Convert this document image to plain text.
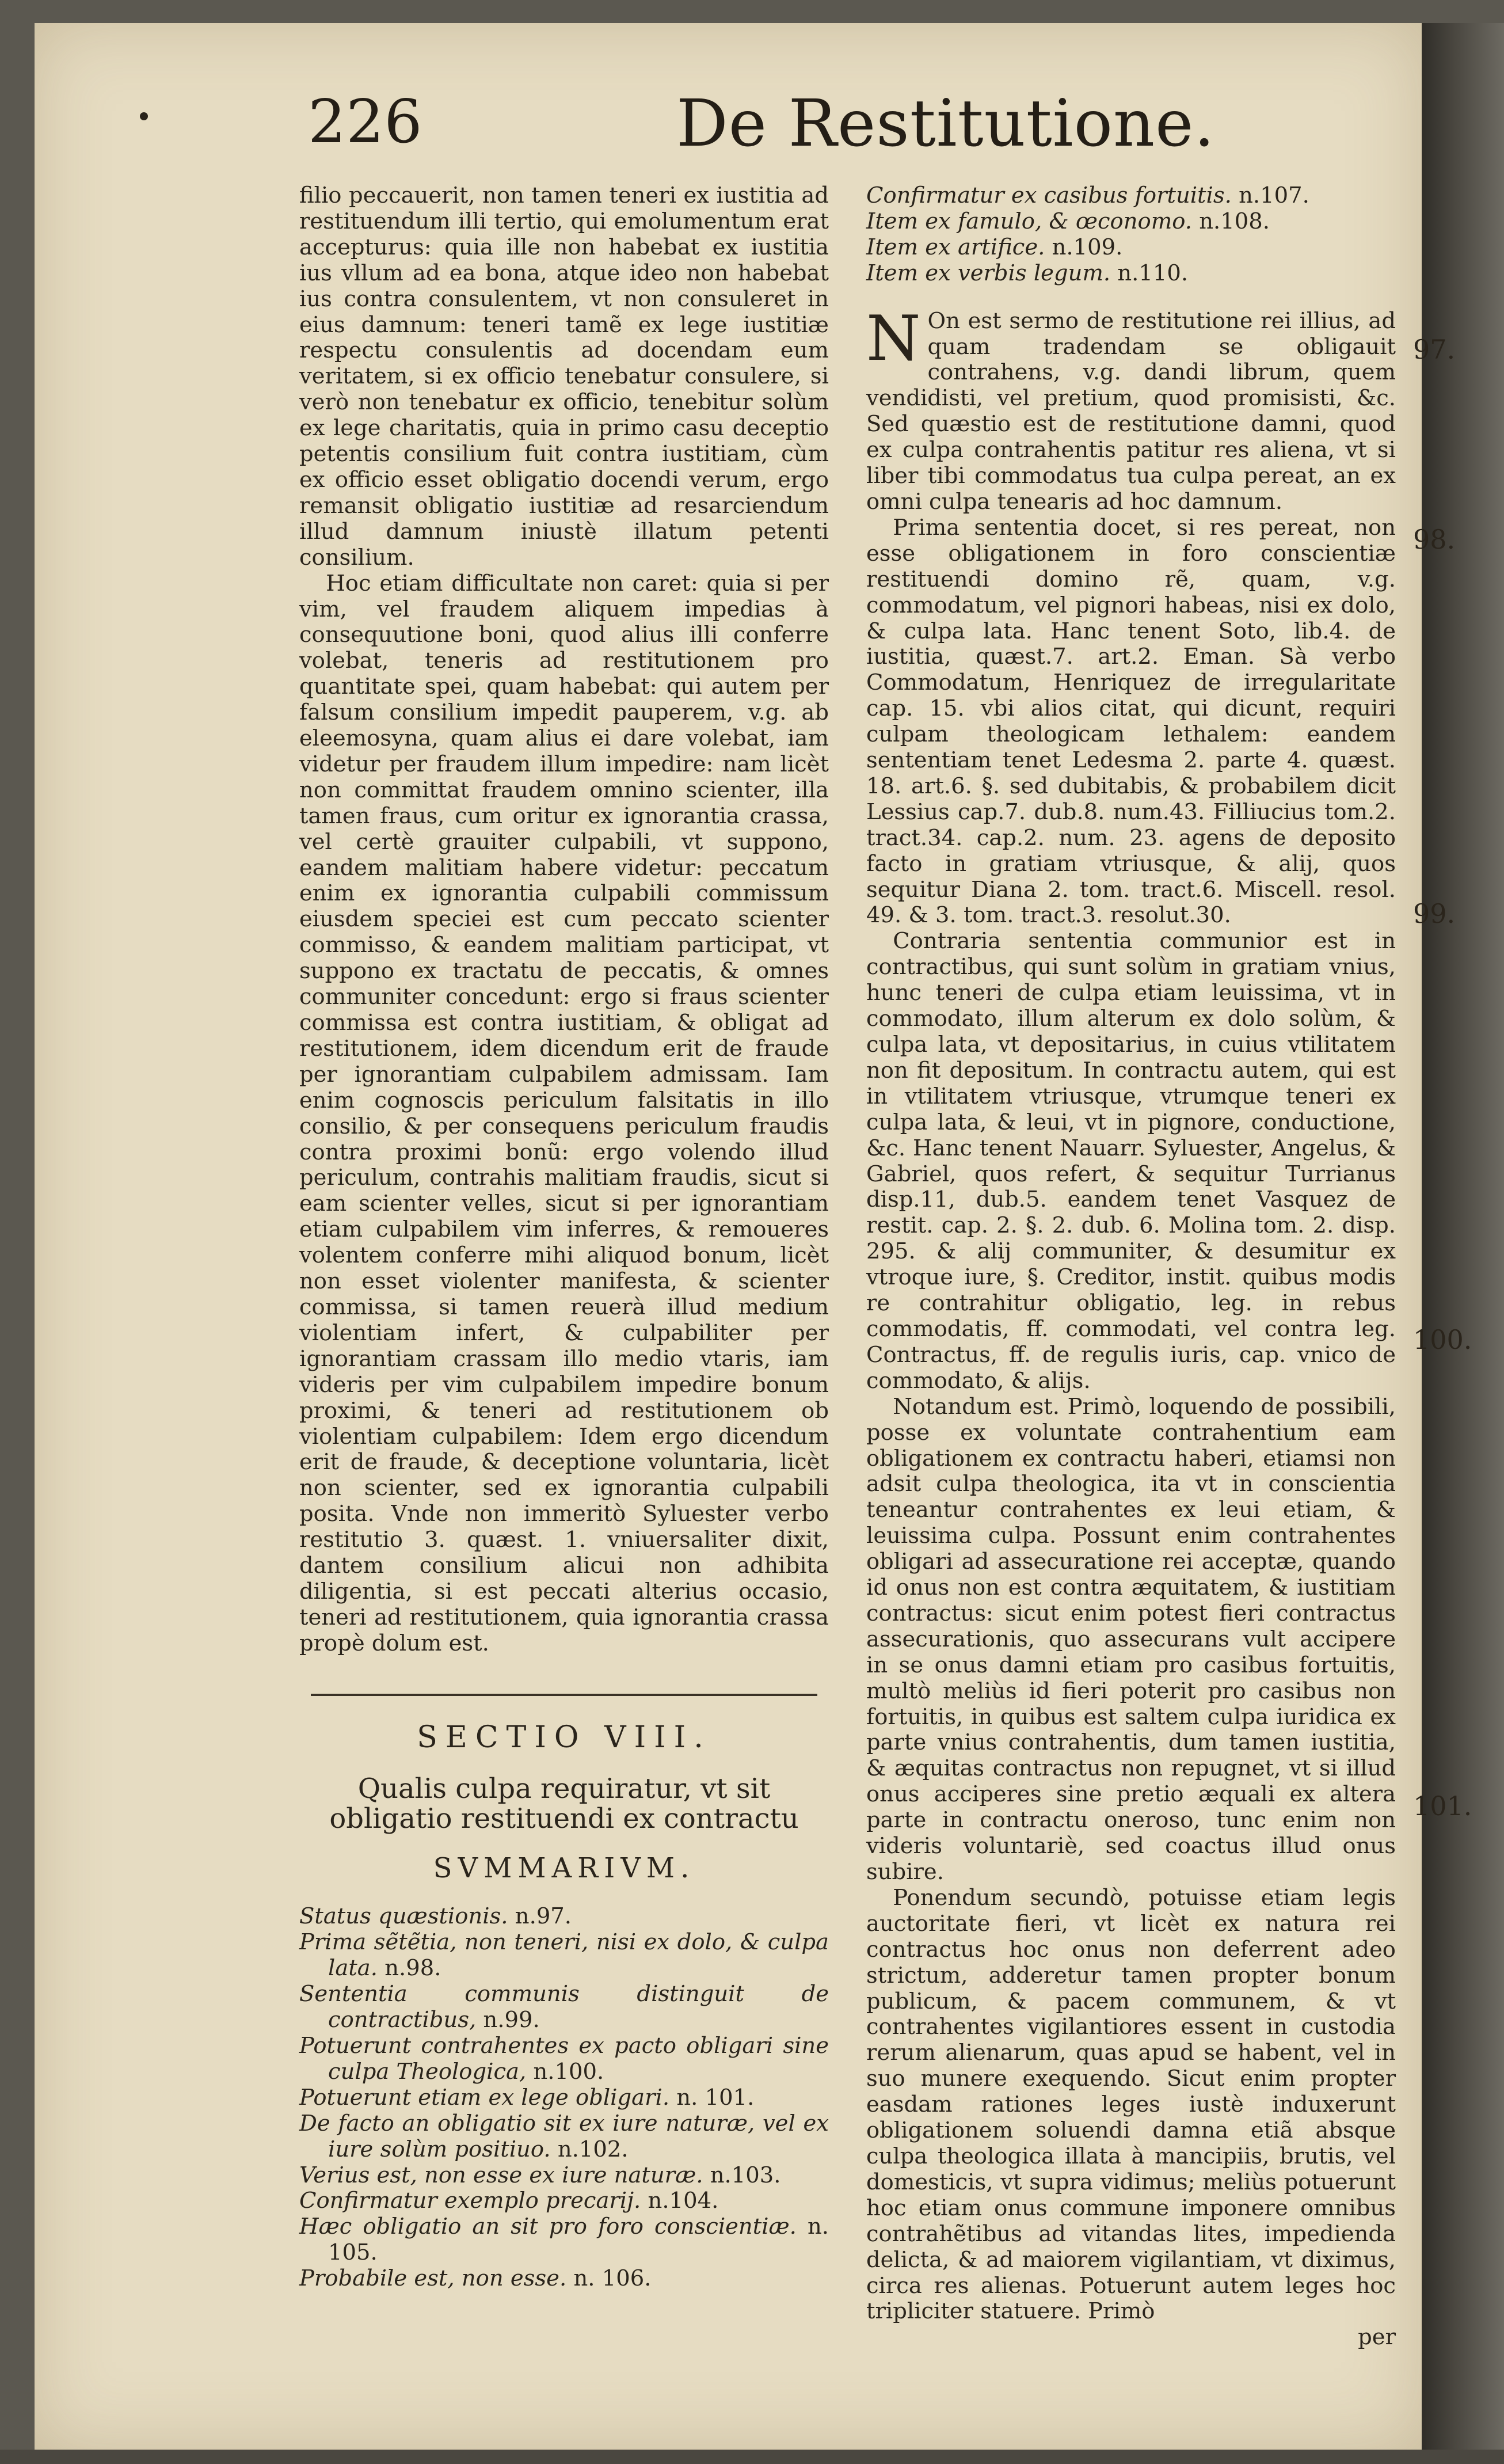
226	De Restitutione.

filio peccauerit, non tamen teneri ex iustitia ad restituendum illi tertio, qui emolumentum erat accepturus: quia ille non habebat ex iustitia ius vllum ad ea bona, atque ideo non habebat ius contra consulentem, vt non consuleret in eius damnum: teneri tamẽ ex lege iustitiæ respectu consulentis ad docendam eum veritatem, si ex officio tenebatur consulere, si verò non tenebatur ex officio, tenebitur solùm ex lege charitatis, quia in primo casu deceptio petentis consilium fuit contra iustitiam, cùm ex officio esset obligatio docendi verum, ergo remansit obligatio iustitiæ ad resarciendum illud damnum iniustè illatum petenti consilium.

Hoc etiam difficultate non caret: quia si per vim, vel fraudem aliquem impedias à consequutione boni, quod alius illi conferre volebat, teneris ad restitutionem pro quantitate spei, quam habebat: qui autem per falsum consilium impedit pauperem, v.g. ab eleemosyna, quam alius ei dare volebat, iam videtur per fraudem illum impedire: nam licèt non committat fraudem omnino scienter, illa tamen fraus, cum oritur ex ignorantia crassa, vel certè grauiter culpabili, vt suppono, eandem malitiam habere videtur: peccatum enim ex ignorantia culpabili commissum eiusdem speciei est cum peccato scienter commisso, & eandem malitiam participat, vt suppono ex tractatu de peccatis, & omnes communiter concedunt: ergo si fraus scienter commissa est contra iustitiam, & obligat ad restitutionem, idem dicendum erit de fraude per ignorantiam culpabilem admissam. Iam enim cognoscis periculum falsitatis in illo consilio, & per consequens periculum fraudis contra proximi bonũ: ergo volendo illud periculum, contrahis malitiam fraudis, sicut si eam scienter velles, sicut si per ignorantiam etiam culpabilem vim inferres, & remoueres volentem conferre mihi aliquod bonum, licèt non esset violenter manifesta, & scienter commissa, si tamen reuerà illud medium violentiam infert, & culpabiliter per ignorantiam crassam illo medio vtaris, iam videris per vim culpabilem impedire bonum proximi, & teneri ad restitutionem ob violentiam culpabilem: Idem ergo dicendum erit de fraude, & deceptione voluntaria, licèt non scienter, sed ex ignorantia culpabili posita. Vnde non immeritò Syluester verbo restitutio 3. quæst. 1. vniuersaliter dixit, dantem consilium alicui non adhibita diligentia, si est peccati alterius occasio, teneri ad restitutionem, quia ignorantia crassa propè dolum est.

SECTIO VIII.

Qualis culpa requiratur, vt sit obligatio restituendi ex contractu

SVMMARIVM.

Status quæstionis. n.97.

Prima sẽtẽtia, non teneri, nisi ex dolo, & culpa lata. n.98.

Sententia communis distinguit de contractibus, n.99.

Potuerunt contrahentes ex pacto obligari sine culpa Theologica, n.100.

Potuerunt etiam ex lege obligari. n. 101.

De facto an obligatio sit ex iure naturæ, vel ex iure solùm positiuo. n.102.

Verius est, non esse ex iure naturæ. n.103.

Confirmatur exemplo precarij. n.104.

Hæc obligatio an sit pro foro conscientiæ. n. 105.

Probabile est, non esse. n. 106.

Confirmatur ex casibus fortuitis. n.107.

Item ex famulo, & œconomo. n.108.

Item ex artifice. n.109.

Item ex verbis legum. n.110.

N On est sermo de restitutione rei illius, ad quam tradendam se obligauit contrahens, v.g. dandi librum, quem vendidisti, vel pretium, quod promisisti, &c. Sed quæstio est de restitutione damni, quod ex culpa contrahentis patitur res aliena, vt si liber tibi commodatus tua culpa pereat, an ex omni culpa tenearis ad hoc damnum.

Prima sententia docet, si res pereat, non esse obligationem in foro conscientiæ restituendi domino rẽ, quam, v.g. commodatum, vel pignori habeas, nisi ex dolo, & culpa lata. Hanc tenent Soto, lib.4. de iustitia, quæst.7. art.2. Eman. Sà verbo Commodatum, Henriquez de irregularitate cap. 15. vbi alios citat, qui dicunt, requiri culpam theologicam lethalem: eandem sententiam tenet Ledesma 2. parte 4. quæst. 18. art.6. §. sed dubitabis, & probabilem dicit Lessius cap.7. dub.8. num.43. Filliucius tom.2. tract.34. cap.2. num. 23. agens de deposito facto in gratiam vtriusque, & alij, quos sequitur Diana 2. tom. tract.6. Miscell. resol. 49. & 3. tom. tract.3. resolut.30.

Contraria sententia communior est in contractibus, qui sunt solùm in gratiam vnius, hunc teneri de culpa etiam leuissima, vt in commodato, illum alterum ex dolo solùm, & culpa lata, vt depositarius, in cuius vtilitatem non fit depositum. In contractu autem, qui est in vtilitatem vtriusque, vtrumque teneri ex culpa lata, & leui, vt in pignore, conductione, &c. Hanc tenent Nauarr. Syluester, Angelus, & Gabriel, quos refert, & sequitur Turrianus disp.11, dub.5. eandem tenet Vasquez de restit. cap. 2. §. 2. dub. 6. Molina tom. 2. disp. 295. & alij communiter, & desumitur ex vtroque iure, §. Creditor, instit. quibus modis re contrahitur obligatio, leg. in rebus commodatis, ff. commodati, vel contra leg. Contractus, ff. de regulis iuris, cap. vnico de commodato, & alijs.

Notandum est. Primò, loquendo de possibili, posse ex voluntate contrahentium eam obligationem ex contractu haberi, etiamsi non adsit culpa theologica, ita vt in conscientia teneantur contrahentes ex leui etiam, & leuissima culpa. Possunt enim contrahentes obligari ad assecuratione rei acceptæ, quando id onus non est contra æquitatem, & iustitiam contractus: sicut enim potest fieri contractus assecurationis, quo assecurans vult accipere in se onus damni etiam pro casibus fortuitis, multò meliùs id fieri poterit pro casibus non fortuitis, in quibus est saltem culpa iuridica ex parte vnius contrahentis, dum tamen iustitia, & æquitas contractus non repugnet, vt si illud onus acciperes sine pretio æquali ex altera parte in contractu oneroso, tunc enim non videris voluntariè, sed coactus illud onus subire.

Ponendum secundò, potuisse etiam legis auctoritate fieri, vt licèt ex natura rei contractus hoc onus non deferrent adeo strictum, adderetur tamen propter bonum publicum, & pacem communem, & vt contrahentes vigilantiores essent in custodia rerum alienarum, quas apud se habent, vel in suo munere exequendo. Sicut enim propter easdam rationes leges iustè induxerunt obligationem soluendi damna etiã absque culpa theologica illata à mancipiis, brutis, vel domesticis, vt supra vidimus; meliùs potuerunt hoc etiam onus commune imponere omnibus contrahẽtibus ad vitandas lites, impedienda delicta, & ad maiorem vigilantiam, vt diximus, circa res alienas. Potuerunt autem leges hoc tripliciter statuere. Primò

per

97.
98.
99.
100.
101.
